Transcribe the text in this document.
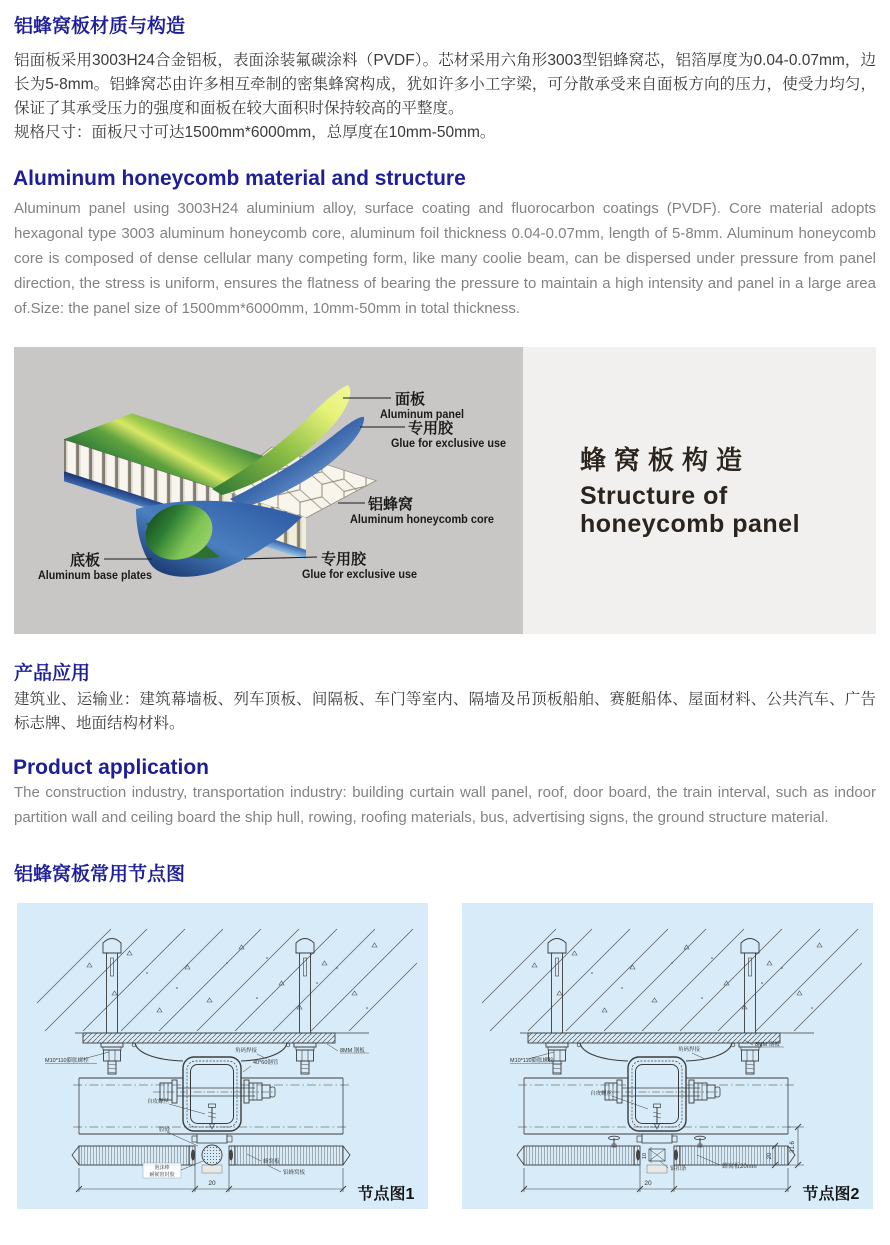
铝蜂窝板材质与构造

铝面板采用3003H24合金铝板，表面涂装氟碳涂料（PVDF）。芯材采用六角形3003型铝蜂窝芯，铝箔厚度为0.04-0.07mm，边长为5-8mm。铝蜂窝芯由许多相互牵制的密集蜂窝构成，犹如许多小工字梁，可分散承受来自面板方向的压力，使受力均匀，保证了其承受压力的强度和面板在较大面积时保持较高的平整度。

规格尺寸：面板尺寸可达1500mm*6000mm，总厚度在10mm-50mm。

Aluminum honeycomb material and structure

Aluminum panel using 3003H24 aluminium alloy, surface coating and fluorocarbon coatings (PVDF). Core material adopts hexagonal type 3003 aluminum honeycomb core, aluminum foil thickness 0.04-0.07mm, length of 5-8mm. Aluminum honeycomb core is composed of dense cellular many competing form, like many coolie beam, can be dispersed under pressure from panel direction, the stress is uniform, ensures the flatness of bearing the pressure to maintain a high intensity and panel in a large area of.Size: the panel size of 1500mm*6000mm, 10mm-50mm in total thickness.

面板
Aluminum panel
专用胶
Glue for exclusive use
铝蜂窝
Aluminum honeycomb core
专用胶
Glue for exclusive use
底板
Aluminum base plates
蜂窝板构造
Structure of
honeycomb panel
产品应用

建筑业、运输业：建筑幕墙板、列车顶板、间隔板、车门等室内、隔墙及吊顶板船舶、赛艇船体、屋面材料、公共汽车、广告标志牌、地面结构材料。

Product application

The construction industry, transportation industry: building curtain wall panel, roof, door board, the train interval, such as indoor partition wall and ceiling board the ship hull, rowing, roofing materials, bus, advertising signs, the ground structure material.

铝蜂窝板常用节点图
M10*110膨胀螺栓
角码焊接
40*60钢管
8MM 钢板
自攻螺丝
胶缝
泡沫棒
耐候密封胶
20
蜂窝板
铝蜂窝板
节点图1
M10*110膨胀螺栓
角码焊接
8MM 钢板
自攻螺丝
10
20
铝扣条	蜂窝板20mm
20
31.6
节点图2
